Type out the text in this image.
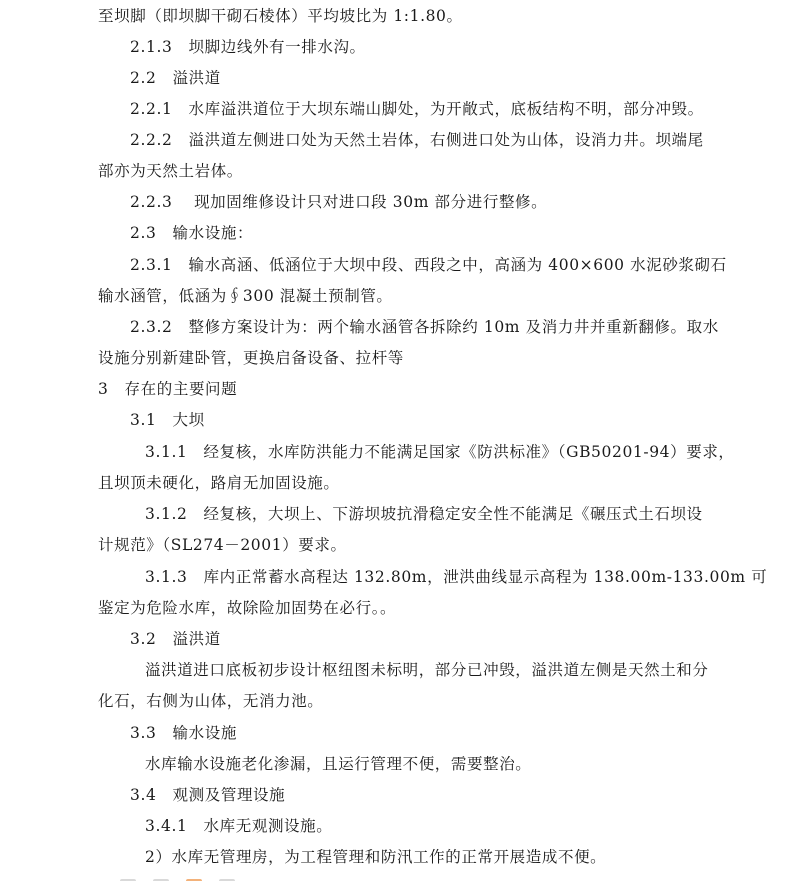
至坝脚（即坝脚干砌石棱体）平均坡比为 1:1.80。
2.1.3　坝脚边线外有一排水沟。
2.2　溢洪道
2.2.1　水库溢洪道位于大坝东端山脚处，为开敞式，底板结构不明，部分冲毁。
2.2.2　溢洪道左侧进口处为天然土岩体，右侧进口处为山体，设消力井。坝端尾
部亦为天然土岩体。
2.2.3　 现加固维修设计只对进口段 30m 部分进行整修。
2.3　输水设施：
2.3.1　输水高涵、低涵位于大坝中段、西段之中，高涵为 400×600 水泥砂浆砌石
输水涵管，低涵为∮300 混凝土预制管。
2.3.2　整修方案设计为：两个输水涵管各拆除约 10m 及消力井并重新翻修。取水
设施分别新建卧管，更换启备设备、拉杆等
3　存在的主要问题
3.1　大坝
3.1.1　经复核，水库防洪能力不能满足国家《防洪标准》（GB50201-94）要求，
且坝顶未硬化，路肩无加固设施。
3.1.2　经复核，大坝上、下游坝坡抗滑稳定安全性不能满足《碾压式土石坝设
计规范》（SL274－2001）要求。
3.1.3　库内正常蓄水高程达 132.80m，泄洪曲线显示高程为 138.00m-133.00m 可
鉴定为危险水库，故除险加固势在必行。。
3.2　溢洪道
溢洪道进口底板初步设计枢纽图未标明，部分已冲毁，溢洪道左侧是天然土和分
化石，右侧为山体，无消力池。
3.3　输水设施
水库输水设施老化渗漏，且运行管理不便，需要整治。
3.4　观测及管理设施
3.4.1　水库无观测设施。
2）水库无管理房，为工程管理和防汛工作的正常开展造成不便。
